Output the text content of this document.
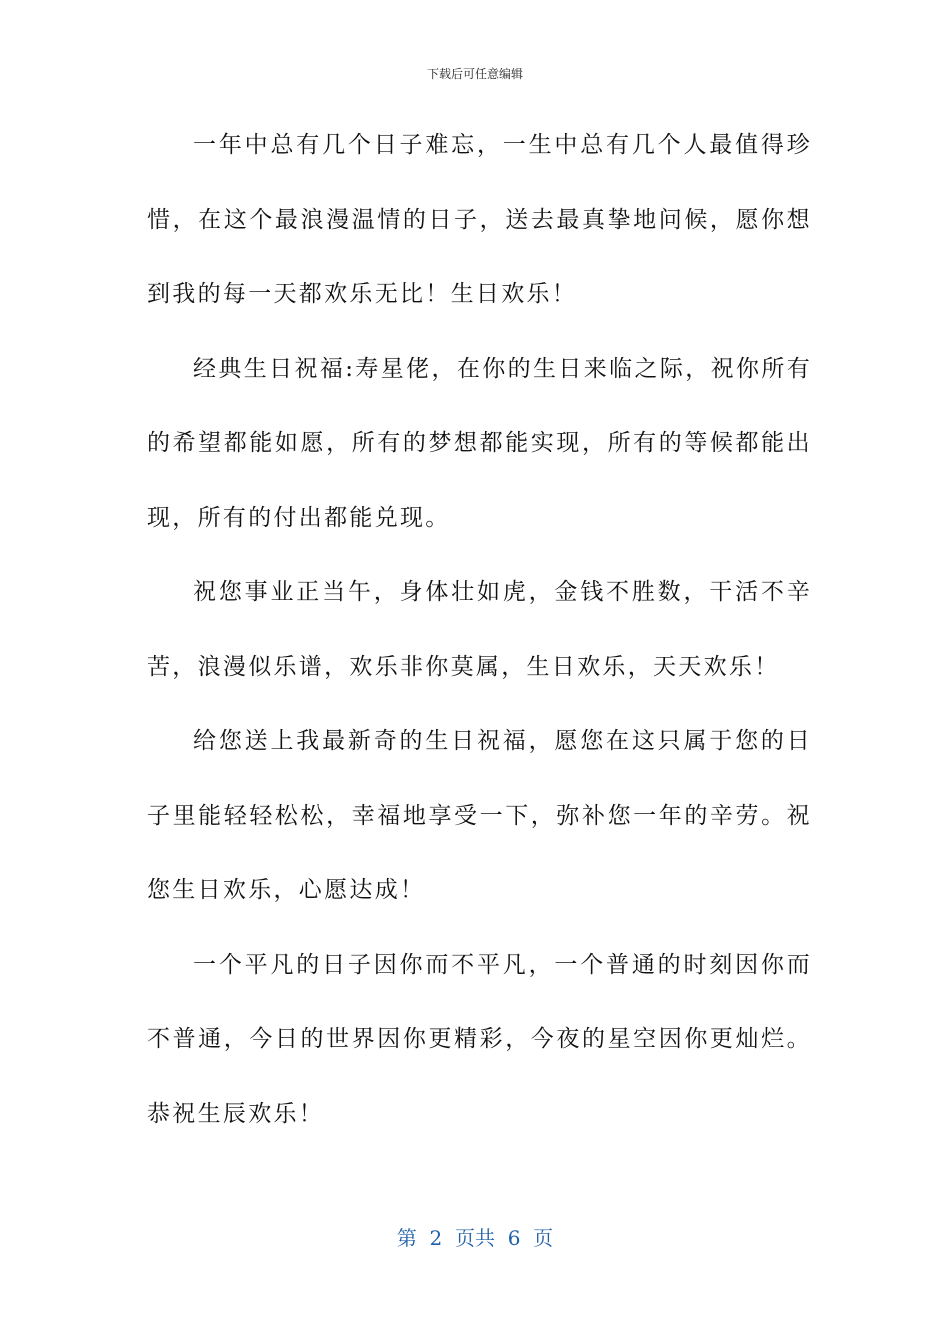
下载后可任意编辑

一年中总有几个日子难忘，一生中总有几个人最值得珍惜，在这个最浪漫温情的日子，送去最真挚地问候，愿你想到我的每一天都欢乐无比！生日欢乐！

经典生日祝福:寿星佬，在你的生日来临之际，祝你所有的希望都能如愿，所有的梦想都能实现，所有的等候都能出现，所有的付出都能兑现。

祝您事业正当午，身体壮如虎，金钱不胜数，干活不辛苦，浪漫似乐谱，欢乐非你莫属，生日欢乐，天天欢乐！

给您送上我最新奇的生日祝福，愿您在这只属于您的日子里能轻轻松松，幸福地享受一下，弥补您一年的辛劳。祝您生日欢乐，心愿达成！

一个平凡的日子因你而不平凡，一个普通的时刻因你而不普通，今日的世界因你更精彩，今夜的星空因你更灿烂。恭祝生辰欢乐！

第  2  页共  6  页
